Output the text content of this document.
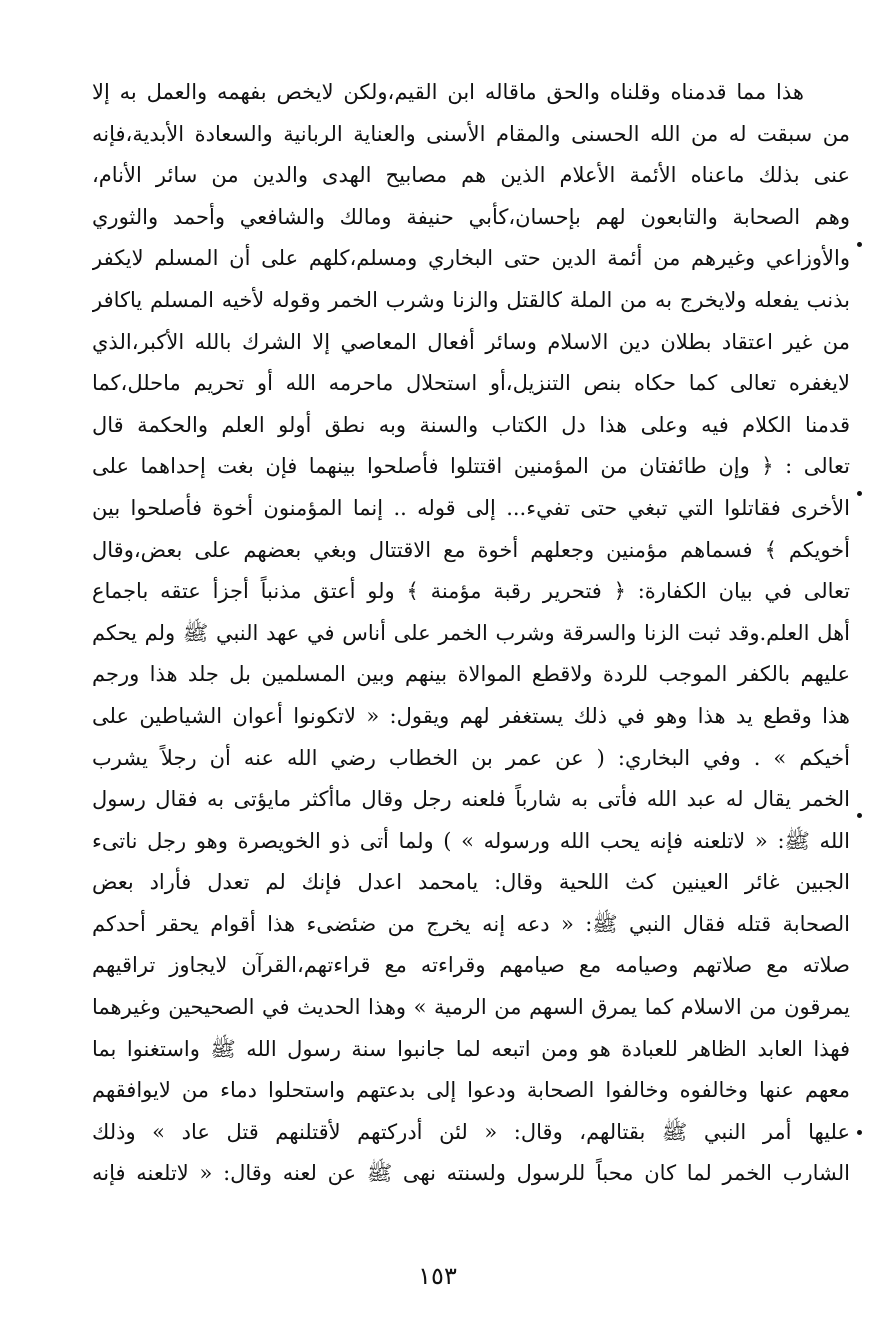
هذا مما قدمناه وقلناه والحق ماقاله ابن القيم،ولكن لايخص بفهمه والعمل به إلا
من سبقت له من الله الحسنى والمقام الأسنى والعناية الربانية والسعادة الأبدية،فإنه
عنى بذلك ماعناه الأئمة الأعلام الذين هم مصابيح الهدى والدين من سائر الأنام،
وهم الصحابة والتابعون لهم بإحسان،كأبي حنيفة ومالك والشافعي وأحمد والثوري
والأوزاعي وغيرهم من أئمة الدين حتى البخاري ومسلم،كلهم على أن المسلم لايكفر
بذنب يفعله ولايخرج به من الملة كالقتل والزنا وشرب الخمر وقوله لأخيه المسلم ياكافر
من غير اعتقاد بطلان دين الاسلام وسائر أفعال المعاصي إلا الشرك بالله الأكبر،الذي
لايغفره تعالى كما حكاه بنص التنزيل،أو استحلال ماحرمه الله أو تحريم ماحلل،كما
قدمنا الكلام فيه وعلى هذا دل الكتاب والسنة وبه نطق أولو العلم والحكمة قال
تعالى : ﴿ وإن طائفتان من المؤمنين اقتتلوا فأصلحوا بينهما فإن بغت إحداهما على
الأخرى فقاتلوا التي تبغي حتى تفيء... إلى قوله .. إنما المؤمنون أخوة فأصلحوا بين
أخويكم ﴾ فسماهم مؤمنين وجعلهم أخوة مع الاقتتال وبغي بعضهم على بعض،وقال
تعالى في بيان الكفارة: ﴿ فتحرير رقبة مؤمنة ﴾ ولو أعتق مذنباً أجزأ عتقه باجماع
أهل العلم.وقد ثبت الزنا والسرقة وشرب الخمر على أناس في عهد النبي ﷺ ولم يحكم
عليهم بالكفر الموجب للردة ولاقطع الموالاة بينهم وبين المسلمين بل جلد هذا ورجم
هذا وقطع يد هذا وهو في ذلك يستغفر لهم ويقول: « لاتكونوا أعوان الشياطين على
أخيكم » . وفي البخاري: ( عن عمر بن الخطاب رضي الله عنه أن رجلاً يشرب
الخمر يقال له عبد الله فأتى به شارباً فلعنه رجل وقال ماأكثر مايؤتى به فقال رسول
الله ﷺ: « لاتلعنه فإنه يحب الله ورسوله » ) ولما أتى ذو الخويصرة وهو رجل ناتىء
الجبين غائر العينين كث اللحية وقال: يامحمد اعدل فإنك لم تعدل فأراد بعض
الصحابة قتله فقال النبي ﷺ: « دعه إنه يخرج من ضئضىء هذا أقوام يحقر أحدكم
صلاته مع صلاتهم وصيامه مع صيامهم وقراءته مع قراءتهم،القرآن لايجاوز تراقيهم
يمرقون من الاسلام كما يمرق السهم من الرمية » وهذا الحديث في الصحيحين وغيرهما
فهذا العابد الظاهر للعبادة هو ومن اتبعه لما جانبوا سنة رسول الله ﷺ واستغنوا بما
معهم عنها وخالفوه وخالفوا الصحابة ودعوا إلى بدعتهم واستحلوا دماء من لايوافقهم
عليها أمر النبي ﷺ بقتالهم، وقال: « لئن أدركتهم لأقتلنهم قتل عاد » وذلك
الشارب الخمر لما كان محباً للرسول ولسنته نهى ﷺ عن لعنه وقال: « لاتلعنه فإنه
١٥٣
